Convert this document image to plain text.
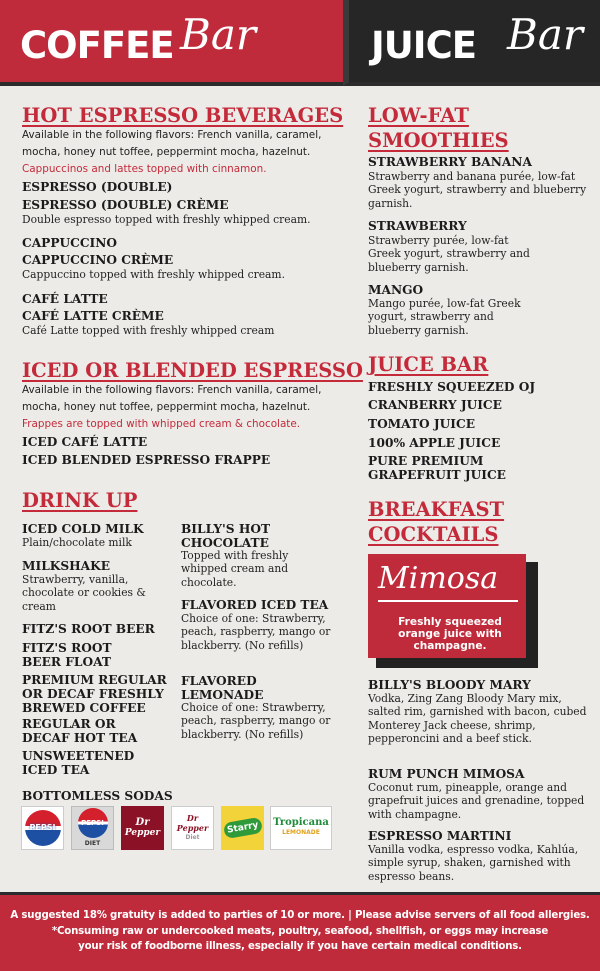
COFFEE Bar	JUICE Bar
HOT ESPRESSO BEVERAGES
Available in the following flavors: French vanilla, caramel,
mocha, honey nut toffee, peppermint mocha, hazelnut.
Cappuccinos and lattes topped with cinnamon.
ESPRESSO (DOUBLE)
ESPRESSO (DOUBLE) CRÈME
Double espresso topped with freshly whipped cream.
CAPPUCCINO
CAPPUCCINO CRÈME
Cappuccino topped with freshly whipped cream.
CAFÉ LATTE
CAFÉ LATTE CRÈME
Café Latte topped with freshly whipped cream
ICED OR BLENDED ESPRESSO
Available in the following flavors: French vanilla, caramel,
mocha, honey nut toffee, peppermint mocha, hazelnut.
Frappes are topped with whipped cream & chocolate.
ICED CAFÉ LATTE
ICED BLENDED ESPRESSO FRAPPE
DRINK UP
ICED COLD MILK
Plain/chocolate milk
MILKSHAKE
Strawberry, vanilla, chocolate or cookies & cream
FITZ'S ROOT BEER
FITZ'S ROOT BEER FLOAT
PREMIUM REGULAR OR DECAF FRESHLY BREWED COFFEE
REGULAR OR DECAF HOT TEA
UNSWEETENED ICED TEA
BILLY'S HOT CHOCOLATE
Topped with freshly whipped cream and chocolate.
FLAVORED ICED TEA
Choice of one: Strawberry, peach, raspberry, mango or blackberry. (No refills)
FLAVORED LEMONADE
Choice of one: Strawberry, peach, raspberry, mango or blackberry. (No refills)
BOTTOMLESS SODAS
PEPSI
PEPSI
DIET
Dr
Pepper
Dr Pepper
Diet
Starry	Tropicana
LEMONADE
LOW-FAT
SMOOTHIES
STRAWBERRY BANANA
Strawberry and banana purée, low-fat Greek yogurt, strawberry and blueberry garnish.
STRAWBERRY
Strawberry purée, low-fat Greek yogurt, strawberry and blueberry garnish.
MANGO
Mango purée, low-fat Greek yogurt, strawberry and blueberry garnish.
JUICE BAR
FRESHLY SQUEEZED OJ
CRANBERRY JUICE
TOMATO JUICE
100% APPLE JUICE
PURE PREMIUM GRAPEFRUIT JUICE
BREAKFAST
COCKTAILS
Mimosa
Freshly squeezed orange juice with champagne.
BILLY'S BLOODY MARY
Vodka, Zing Zang Bloody Mary mix, salted rim, garnished with bacon, cubed Monterey Jack cheese, shrimp, pepperoncini and a beef stick.
RUM PUNCH MIMOSA
Coconut rum, pineapple, orange and grapefruit juices and grenadine, topped with champagne.
ESPRESSO MARTINI
Vanilla vodka, espresso vodka, Kahlúa, simple syrup, shaken, garnished with espresso beans.
A suggested 18% gratuity is added to parties of 10 or more. | Please advise servers of all food allergies.
*Consuming raw or undercooked meats, poultry, seafood, shellfish, or eggs may increase
your risk of foodborne illness, especially if you have certain medical conditions.
